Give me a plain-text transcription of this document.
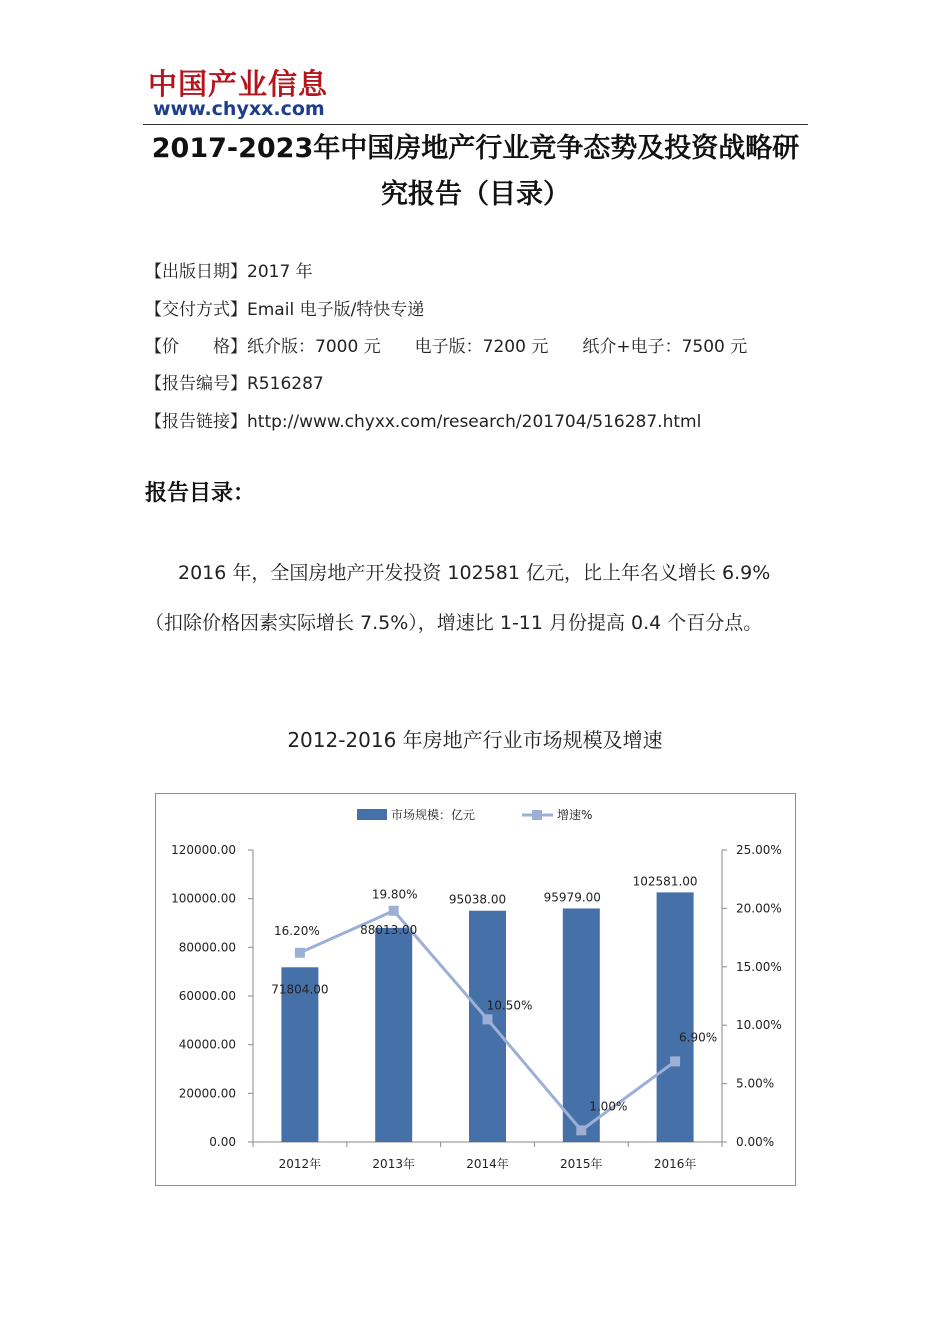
中国产业信息
www.chyxx.com
2017-2023年中国房地产行业竞争态势及投资战略研究报告（目录）
【出版日期】2017 年
【交付方式】Email 电子版/特快专递
【价　　格】纸介版：7000 元　　电子版：7200 元　　纸介+电子：7500 元
【报告编号】R516287
【报告链接】http://www.chyxx.com/research/201704/516287.html
报告目录：
2016 年，全国房地产开发投资 102581 亿元，比上年名义增长 6.9%（扣除价格因素实际增长 7.5%），增速比 1-11 月份提高 0.4 个百分点。
2012-2016 年房地产行业市场规模及增速
0.00
20000.00
40000.00
60000.00
80000.00
100000.00
120000.00
0.00%
5.00%
10.00%
15.00%
20.00%
25.00%
2012年	2013年	2014年	2015年	2016年
71804.00
88013.00
95038.00	95979.00
102581.00
16.20%
19.80%
10.50%
1.00%
6.90%
市场规模：亿元	增速%
